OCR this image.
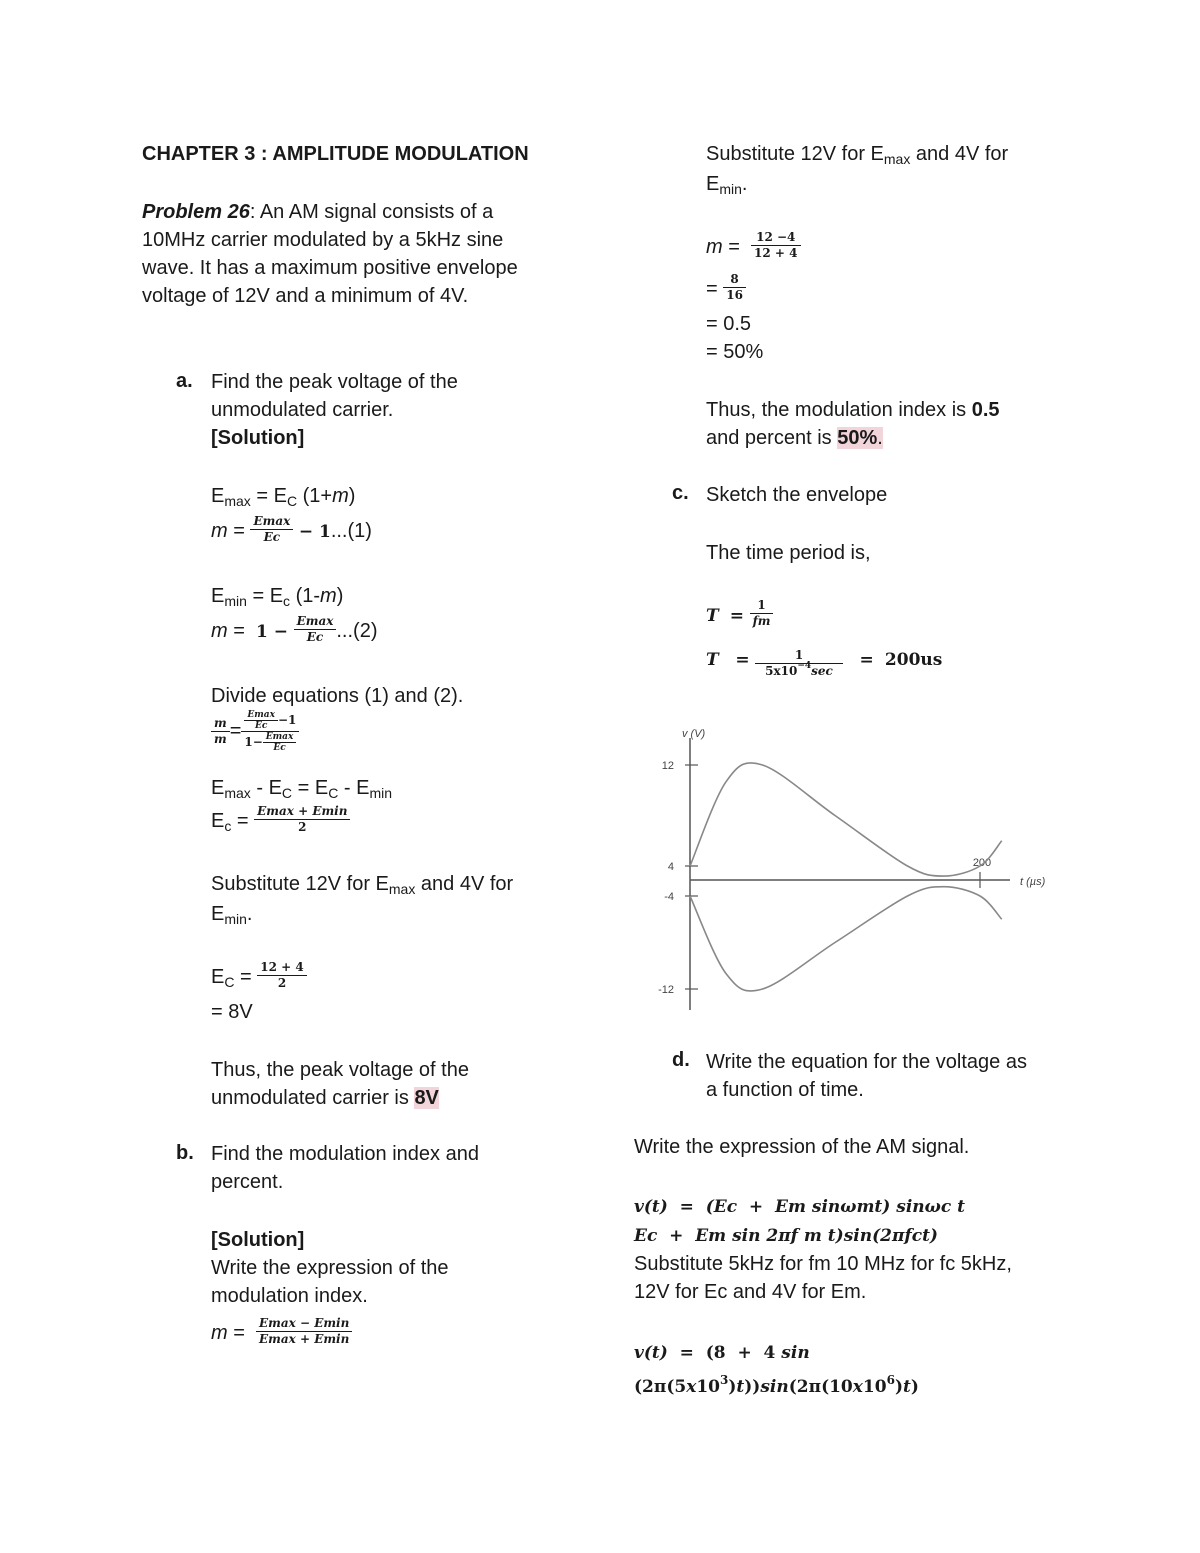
CHAPTER 3 : AMPLITUDE MODULATION
Problem 26: An AM signal consists of a
10MHz carrier modulated by a 5kHz sine
wave. It has a maximum positive envelope
voltage of 12V and a minimum of 4V.
a. Find the peak voltage of the
unmodulated carrier.
[Solution]
$E_{max} = E_C$ (1+m)
$m = \frac{Emax}{Ec} - 1...(1)$
$E_{min} = E_c$ (1-m)
$m = 1 - \frac{Emax}{Ec} ...(2)$
Divide equations (1) and (2).
$\frac{m}{m} = \frac{\frac{Emax}{Ec} -1}{1- \frac{Emax}{Ec}}$
$E_{max} - E_C = E_C - E_{min}$
$E_c = \frac{Emax + Emin}{2}$
Substitute 12V for $E_{max}$ and 4V for
$E_{min}$.
$E_C = \frac{12 + 4}{2}$
= 8V
Thus, the peak voltage of the
unmodulated carrier is 8V
b. Find the modulation index and
percent.
[Solution]
Write the expression of the
modulation index.
$m = \frac{Emax - Emin}{Emax + Emin}$
Substitute 12V for $E_{max}$ and 4V for
$E_{min}$.
$m = \frac{12 -4}{12 + 4}$
= $\frac{8}{16}$
= 0.5
= 50%
Thus, the modulation index is 0.5
and percent is 50%.
c. Sketch the envelope
The time period is,
$T = \frac{1}{fm}$
$T = \frac{1}{5x10^{-4}\sec} = 200us$
12
4
-4
-12
200
v (V)
t (µs)
d. Write the equation for the voltage as
a function of time.
Write the expression of the AM signal.
v(t)  =  (Ec  +  Em sinωmt) sinωc t
Ec  +  Em sin 2πf m t)sin(2πfct)
Substitute 5kHz for fm 10 MHz for fc 5kHz,
12V for Ec and 4V for Em.
v(t)  =  (8  +  4 sin
$(2\pi(5x10^3)t))\sin(2\pi(10x10^6)t)$
